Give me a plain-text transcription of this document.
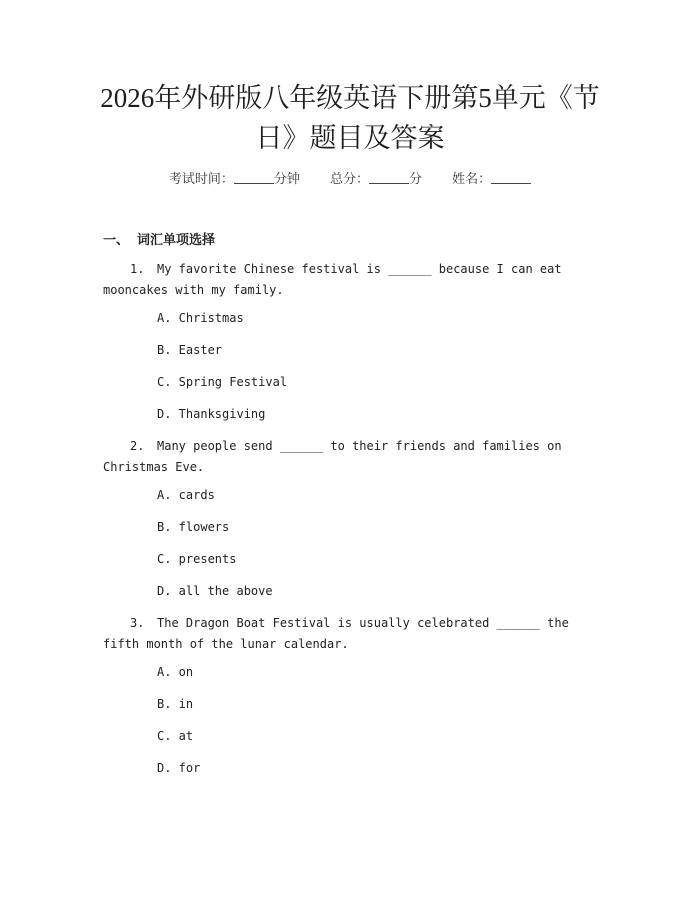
2026年外研版八年级英语下册第5单元《节
日》题目及答案
考试时间：	分钟 总分：	分 姓名：
一、 词汇单项选择

1. My favorite Chinese festival is ______ because I can eat mooncakes with my family.

A. Christmas
B. Easter
C. Spring Festival
D. Thanksgiving

2. Many people send ______ to their friends and families on Christmas Eve.

A. cards
B. flowers
C. presents
D. all the above

3. The Dragon Boat Festival is usually celebrated ______ the fifth month of the lunar calendar.

A. on
B. in
C. at
D. for
